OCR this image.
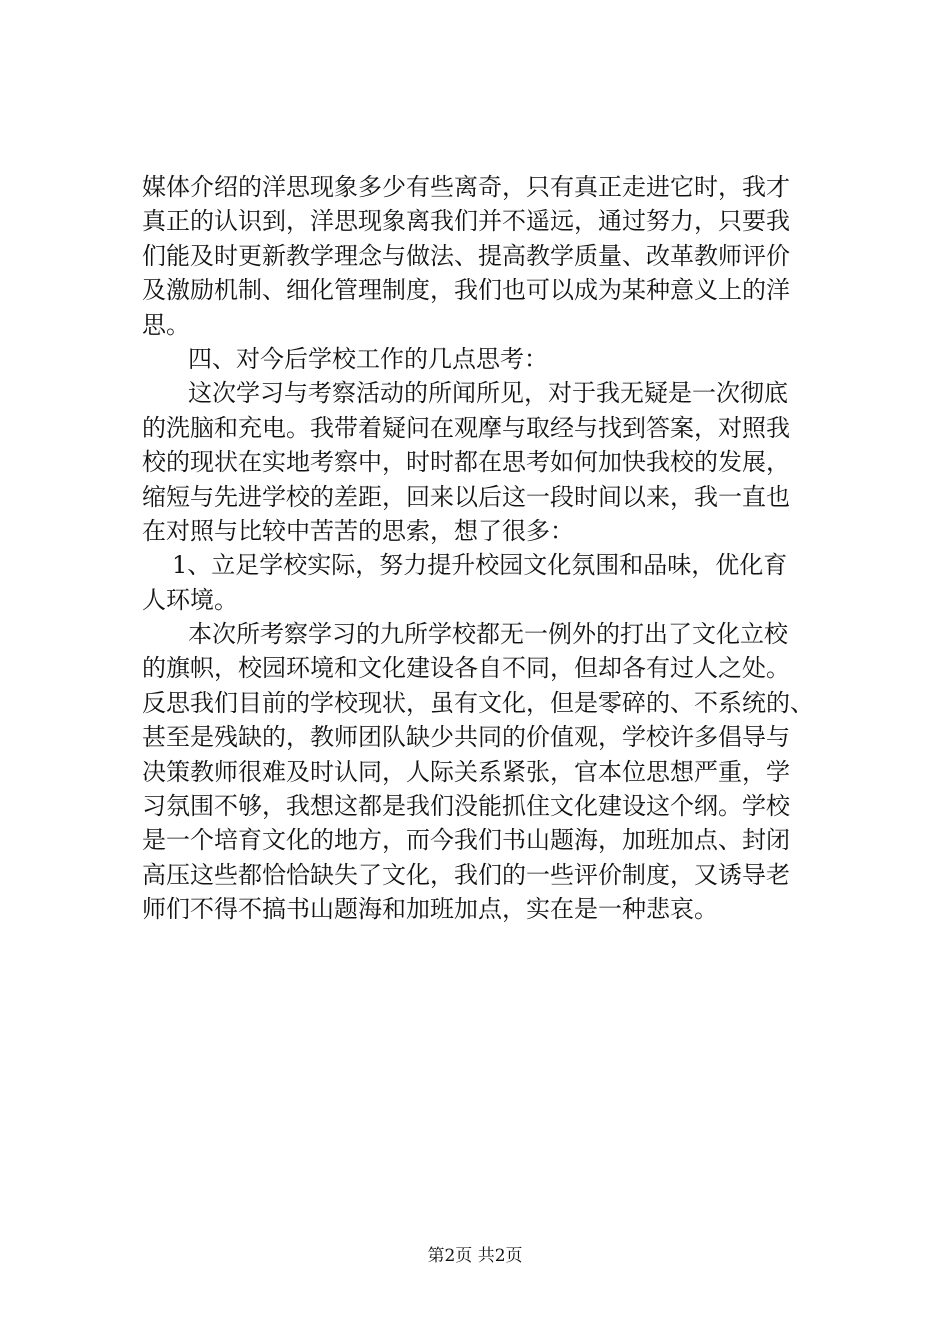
媒体介绍的洋思现象多少有些离奇，只有真正走进它时，我才
真正的认识到，洋思现象离我们并不遥远，通过努力，只要我
们能及时更新教学理念与做法、提高教学质量、改革教师评价
及激励机制、细化管理制度，我们也可以成为某种意义上的洋
思。
四、对今后学校工作的几点思考：
这次学习与考察活动的所闻所见，对于我无疑是一次彻底
的洗脑和充电。我带着疑问在观摩与取经与找到答案，对照我
校的现状在实地考察中，时时都在思考如何加快我校的发展，
缩短与先进学校的差距，回来以后这一段时间以来，我一直也
在对照与比较中苦苦的思索，想了很多：
1、立足学校实际，努力提升校园文化氛围和品味，优化育
人环境。
本次所考察学习的九所学校都无一例外的打出了文化立校
的旗帜，校园环境和文化建设各自不同，但却各有过人之处。
反思我们目前的学校现状，虽有文化，但是零碎的、不系统的、
甚至是残缺的，教师团队缺少共同的价值观，学校许多倡导与
决策教师很难及时认同，人际关系紧张，官本位思想严重，学
习氛围不够，我想这都是我们没能抓住文化建设这个纲。学校
是一个培育文化的地方，而今我们书山题海，加班加点、封闭
高压这些都恰恰缺失了文化，我们的一些评价制度，又诱导老
师们不得不搞书山题海和加班加点，实在是一种悲哀。
第2页 共2页
